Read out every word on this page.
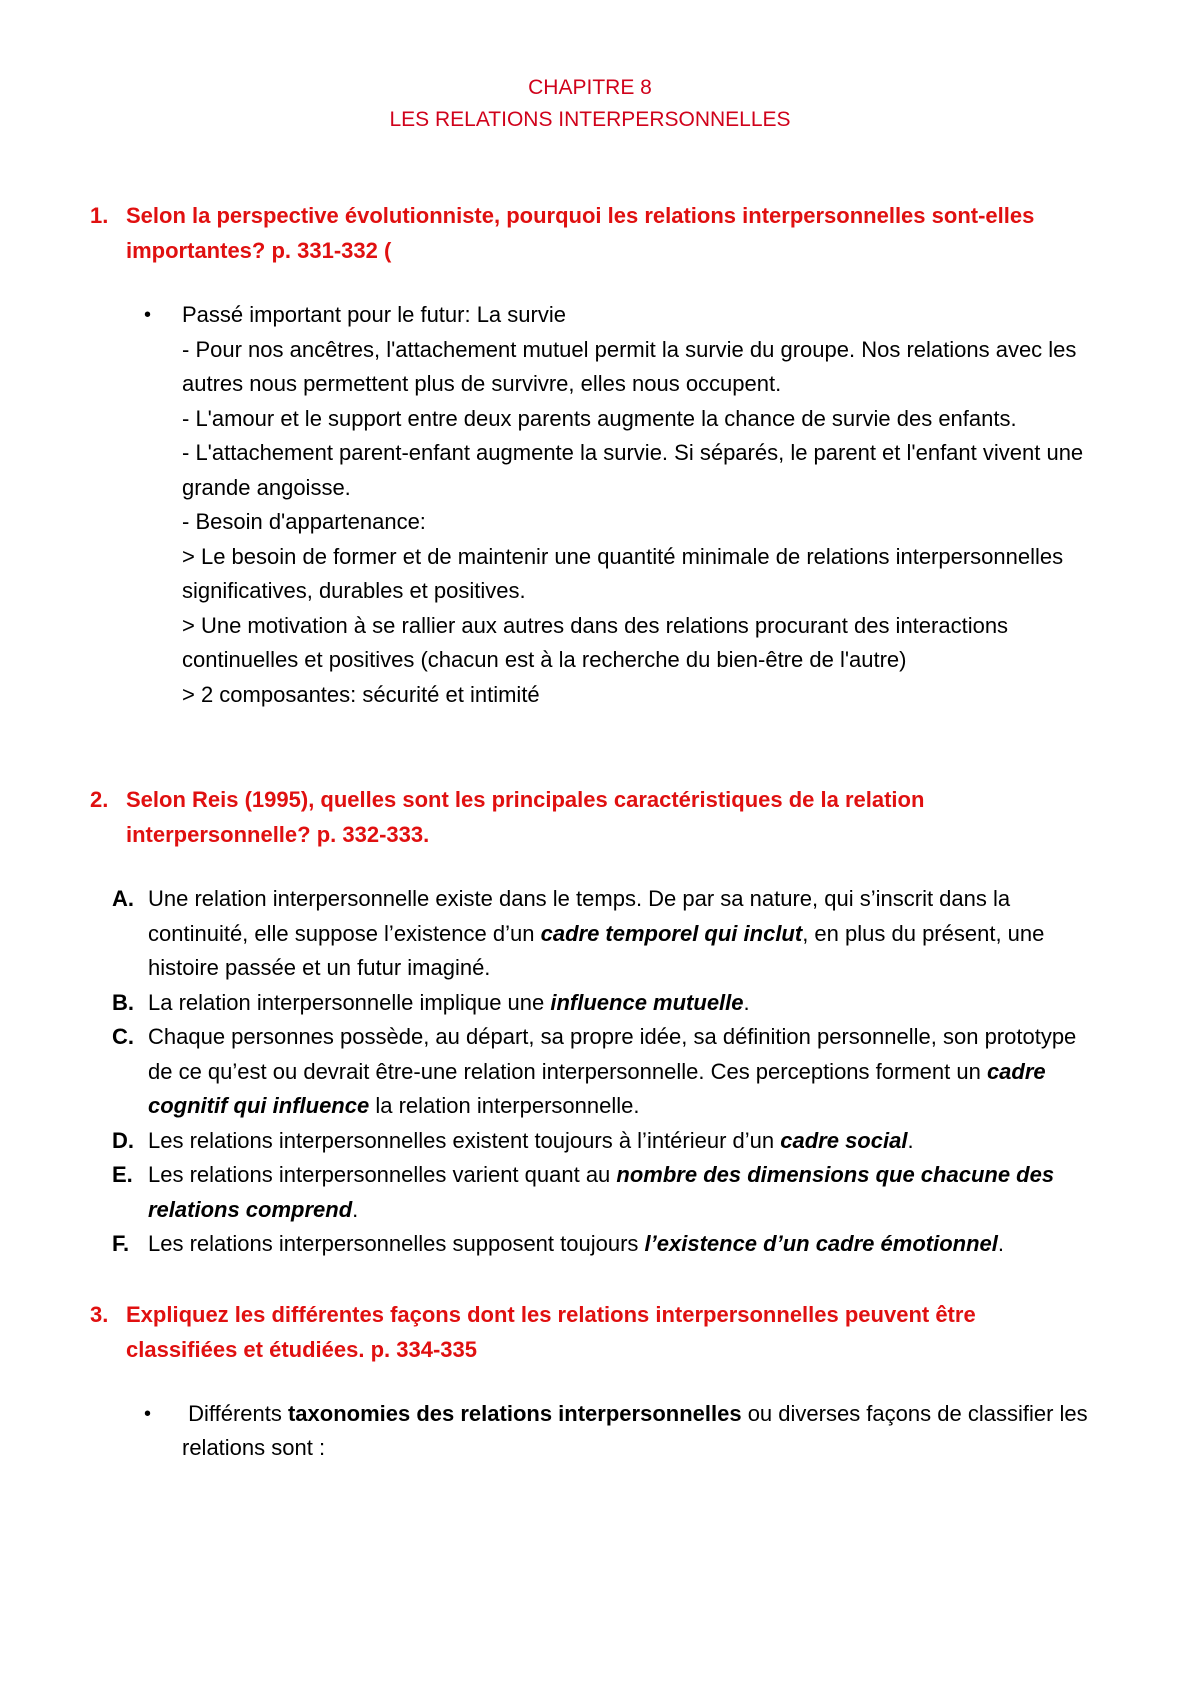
CHAPITRE 8
LES RELATIONS INTERPERSONNELLES
1. Selon la perspective évolutionniste, pourquoi les relations interpersonnelles sont-elles importantes? p. 331-332 (
•	Passé important pour le futur: La survie
- Pour nos ancêtres, l'attachement mutuel permit la survie du groupe. Nos relations avec les autres nous permettent plus de survivre, elles nous occupent.
- L'amour et le support entre deux parents augmente la chance de survie des enfants.
- L'attachement parent-enfant augmente la survie. Si séparés, le parent et l'enfant vivent une grande angoisse.
- Besoin d'appartenance:
> Le besoin de former et de maintenir une quantité minimale de relations interpersonnelles significatives, durables et positives.
> Une motivation à se rallier aux autres dans des relations procurant des interactions continuelles et positives (chacun est à la recherche du bien-être de l'autre)
> 2 composantes: sécurité et intimité
2. Selon Reis (1995), quelles sont les principales caractéristiques de la relation interpersonnelle? p. 332-333.
A. Une relation interpersonnelle existe dans le temps. De par sa nature, qui s’inscrit dans la continuité, elle suppose l’existence d’un cadre temporel qui inclut, en plus du présent, une histoire passée et un futur imaginé.
B. La relation interpersonnelle implique une influence mutuelle.
C. Chaque personnes possède, au départ, sa propre idée, sa définition personnelle, son prototype de ce qu’est ou devrait être-une relation interpersonnelle. Ces perceptions forment un cadre cognitif qui influence la relation interpersonnelle.
D. Les relations interpersonnelles existent toujours à l’intérieur d’un cadre social.
E. Les relations interpersonnelles varient quant au nombre des dimensions que chacune des relations comprend.
F. Les relations interpersonnelles supposent toujours l’existence d’un cadre émotionnel.
3. Expliquez les différentes façons dont les relations interpersonnelles peuvent être classifiées et étudiées. p. 334-335
•	Différents taxonomies des relations interpersonnelles ou diverses façons de classifier les relations sont :
